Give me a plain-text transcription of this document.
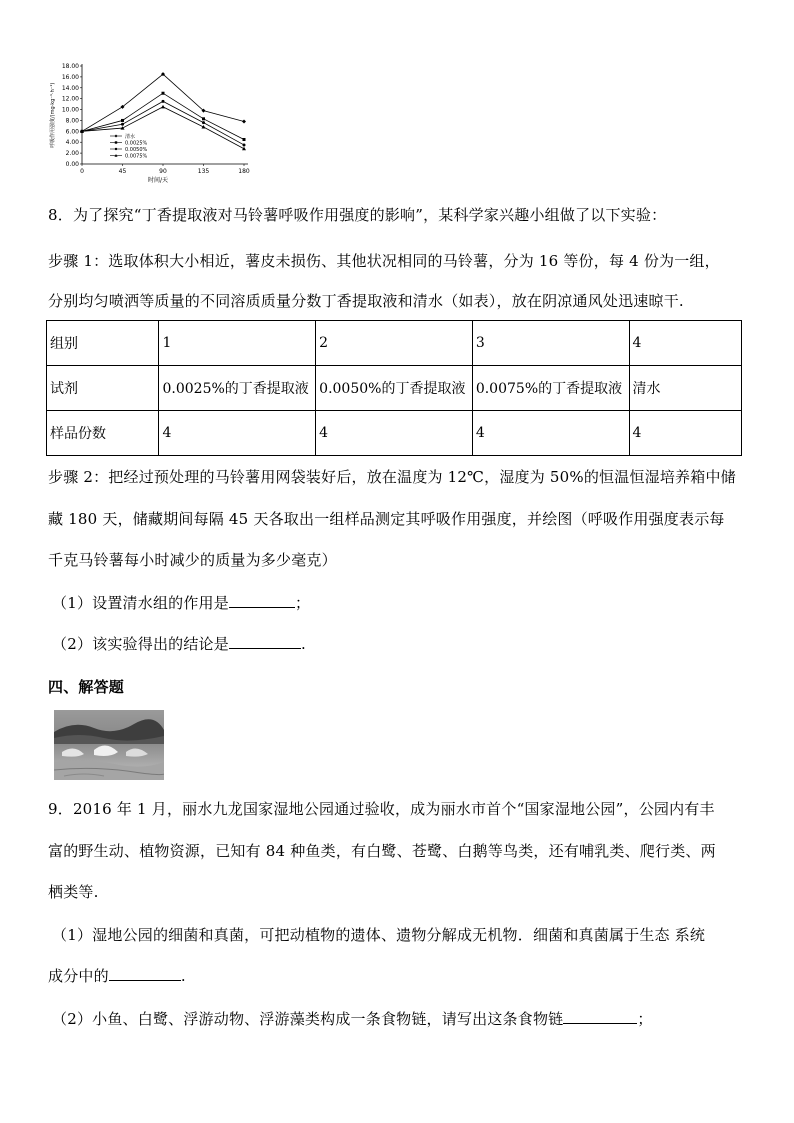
0.00
2.00
4.00
6.00
8.00
10.00
12.00
14.00
16.00
18.00
0	45	90	135	180
清水
0.0025%
0.0050%
0.0075%
呼吸作用强度/(mg·kg⁻¹·h⁻¹)
时间/天
8．为了探究“丁香提取液对马铃薯呼吸作用强度的影响”，某科学家兴趣小组做了以下实验：
步骤 1：选取体积大小相近，薯皮未损伤、其他状况相同的马铃薯，分为 16 等份，每 4 份为一组，
分别均匀喷洒等质量的不同溶质质量分数丁香提取液和清水（如表），放在阴凉通风处迅速晾干.
组别	1	2	3	4
试剂	0.0025%的丁香提取液	0.0050%的丁香提取液	0.0075%的丁香提取液	清水
样品份数	4	4	4	4
步骤 2：把经过预处理的马铃薯用网袋装好后，放在温度为 12℃，湿度为 50%的恒温恒湿培养箱中储
藏 180 天，储藏期间每隔 45 天各取出一组样品测定其呼吸作用强度，并绘图（呼吸作用强度表示每
千克马铃薯每小时减少的质量为多少毫克）
（1）设置清水组的作用是	；
（2）该实验得出的结论是	.
四、解答题
9．2016 年 1 月，丽水九龙国家湿地公园通过验收，成为丽水市首个“国家湿地公园”，公园内有丰
富的野生动、植物资源，已知有 84 种鱼类，有白鹭、苍鹭、白鹅等鸟类，还有哺乳类、爬行类、两
栖类等.
（1）湿地公园的细菌和真菌，可把动植物的遗体、遗物分解成无机物．细菌和真菌属于生态 系统
成分中的	.
（2）小鱼、白鹭、浮游动物、浮游藻类构成一条食物链，请写出这条食物链	；
